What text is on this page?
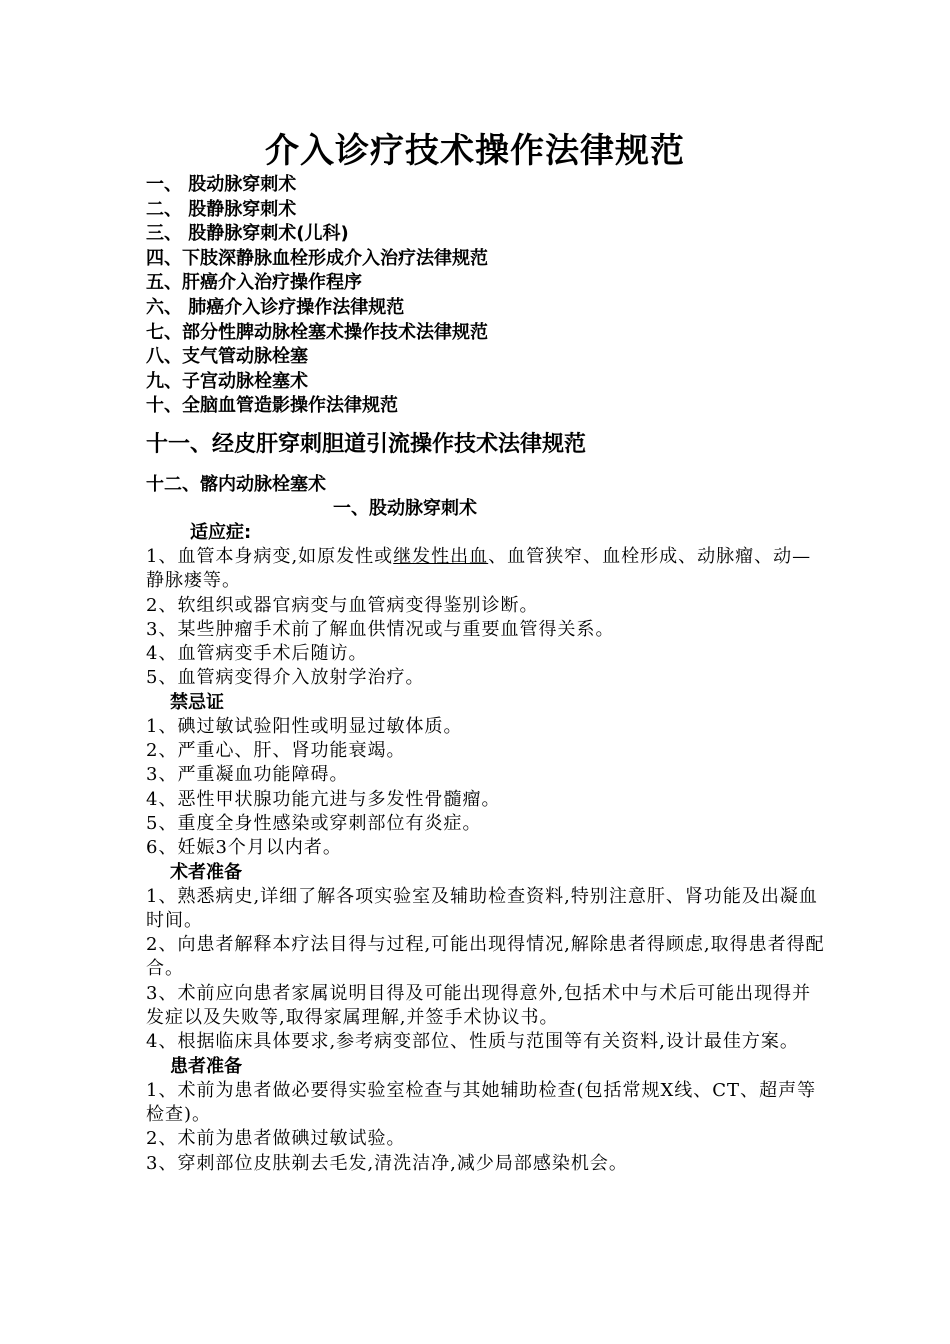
介入诊疗技术操作法律规范
一、 股动脉穿刺术
二、 股静脉穿刺术
三、 股静脉穿刺术(儿科)
四、下肢深静脉血栓形成介入治疗法律规范
五、肝癌介入治疗操作程序
六、 肺癌介入诊疗操作法律规范
七、部分性脾动脉栓塞术操作技术法律规范
八、支气管动脉栓塞
九、子宫动脉栓塞术
十、全脑血管造影操作法律规范
十一、经皮肝穿刺胆道引流操作技术法律规范
十二、髂内动脉栓塞术
一、股动脉穿刺术
适应症:
1、血管本身病变,如原发性或继发性出血、血管狭窄、血栓形成、动脉瘤、动—静脉瘘等。
2、软组织或器官病变与血管病变得鉴别诊断。
3、某些肿瘤手术前了解血供情况或与重要血管得关系。
4、血管病变手术后随访。
5、血管病变得介入放射学治疗。
禁忌证
1、碘过敏试验阳性或明显过敏体质。
2、严重心、肝、肾功能衰竭。
3、严重凝血功能障碍。
4、恶性甲状腺功能亢进与多发性骨髓瘤。
5、重度全身性感染或穿刺部位有炎症。
6、妊娠3个月以内者。
术者准备
1、熟悉病史,详细了解各项实验室及辅助检查资料,特别注意肝、肾功能及出凝血时间。
2、向患者解释本疗法目得与过程,可能出现得情况,解除患者得顾虑,取得患者得配合。
3、术前应向患者家属说明目得及可能出现得意外,包括术中与术后可能出现得并发症以及失败等,取得家属理解,并签手术协议书。
4、根据临床具体要求,参考病变部位、性质与范围等有关资料,设计最佳方案。
患者准备
1、术前为患者做必要得实验室检查与其她辅助检查(包括常规X线、CT、超声等检查)。
2、术前为患者做碘过敏试验。
3、穿刺部位皮肤剃去毛发,清洗洁净,减少局部感染机会。
